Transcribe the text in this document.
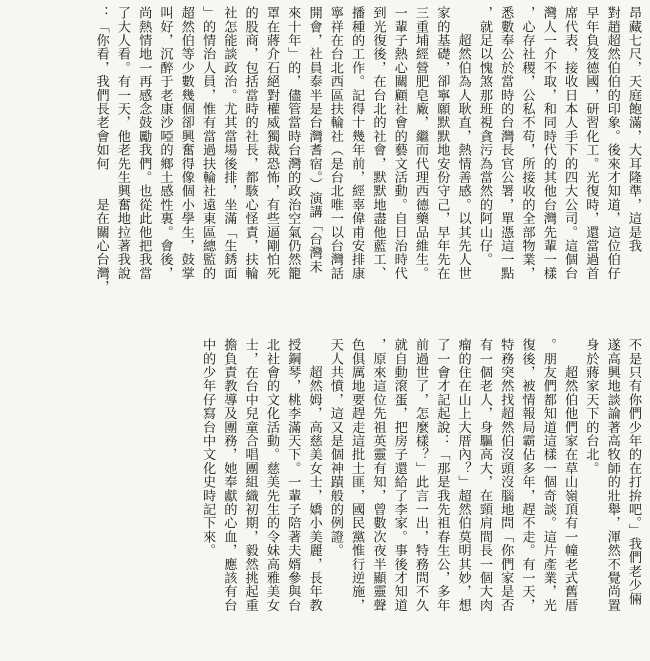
昂藏七尺，天庭飽滿，大耳隆準，這是我
對趙超然伯伯的印象。後來才知道，這位伯仔
早年負笈德國，研習化工。光復時，還當過首
席代表，接收日本人手下的四大公司。這個台
灣人一介不取，和同時代的其他台灣先輩一樣
，心存社稷，公私不苟，所接收的全部物業，
悉數奉公於當時的台灣長官公署，單憑這一點
，就足以愧煞那班視貪污為當然的阿山仔。
　　超然伯為人耿直，熱情善感。以其先人世
家的基礎，卻寧願默默地安份守己，早年先在
三重埔經營肥皂廠，繼而代理西德藥品維生。
一輩子熱心關顧社會的藝文活動。自日治時代
到光復後，在台北的社會，默默地盡他藍工、
播種的工作。記得十幾年前，經辜偉甫安排康
寧祥在台北西區扶輪社（是台北唯一以台灣話
開會，社員泰半是台灣耆宿。）演講「台灣未
來十年」的，儘管當時台灣的政治空氣仍然籠
罩在蔣介石絕對權威獨裁恐怖，有些逼剛怕死
的股商，包括當時的社長，都駭心怪責，扶輪
社怎能談政治。尤其當場後排，坐滿「生銹面
」的情治人員，惟有當過扶輪社遠東區總監的
超然伯等少數幾個卻興奮得像個小學生，鼓掌
叫好，沉醉于老康沙啞的鄉土感性裏。會後，
尚熱情地一再感念鼓勵我們。也從此他把我當
了大人看。有一天，他老先生興奮地拉著我說
：「你看，我們長老會如何　　是在關心台灣，
不是只有你們少年的在打拚吧。」我們老少倆
遂高興地談論著高牧師的壯舉，渾然不覺尚置
身於蔣家天下的台北。
　　超然伯他們家在草山嶺頂有一幢老式舊厝
。朋友們都知道這樣一個奇談。這片產業，光
復後，被情報局霸佔多年，趕不走。有一天，
特務突然找超然伯沒頭沒腦地問「你們家是否
有一個老人，身驅高大，在頸肩間長一個大肉
瘤的住在山上大厝內？」超然伯莫明其妙，想
了一會才記起說：「那是我先祖春生公，多年
前過世了，怎麼樣？」此言一出，特務問不久
就自動滾蛋，把房子還給了李家。事後才知道
，原來這位先祖英靈有知，曾數次夜半顯靈聲
色俱厲地要趕走這批土匪，國民黨惟行逆施，
天人共憤，這又是個神蹟般的例證。
　　超然姆，高慈美女士，嬌小美麗，長年教
授鋼琴，桃李滿天下。一輩子陪著夫婿參與台
北社會的文化活動。慈美先生的令妹高雅美女
士，在台中兒童合唱團組織初期，毅然挑起重
擔負責教導及團務，她奉獻的心血，應該有台
中的少年仔寫台中文化史時記下來。
